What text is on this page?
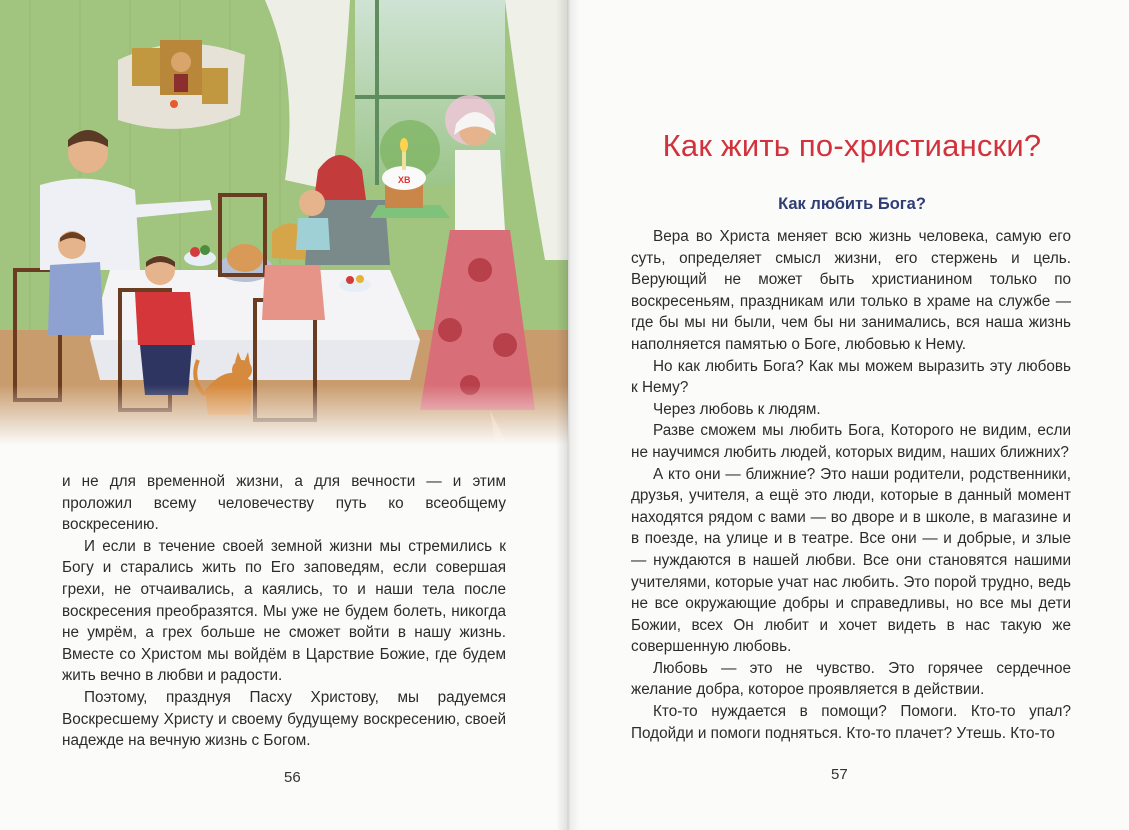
ХВ

и не для временной жизни, а для вечности — и этим проложил всему человечеству путь ко всеобщему воскресению.

И если в течение своей земной жизни мы стремились к Богу и старались жить по Его заповедям, если совершая грехи, не отчаивались, а каялись, то и наши тела после воскресения преобразятся. Мы уже не будем болеть, никогда не умрём, а грех больше не сможет войти в нашу жизнь. Вместе со Христом мы войдём в Царствие Божие, где будем жить вечно в любви и радости.

Поэтому, празднуя Пасху Христову, мы радуемся Воскресшему Христу и своему будущему воскресению, своей надежде на вечную жизнь с Богом.

56
Как жить по-христиански?
Как любить Бога?

Вера во Христа меняет всю жизнь человека, самую его суть, определяет смысл жизни, его стержень и цель. Верующий не может быть христианином только по воскресеньям, праздникам или только в храме на службе — где бы мы ни были, чем бы ни занимались, вся наша жизнь наполняется памятью о Боге, любовью к Нему.

Но как любить Бога? Как мы можем выразить эту любовь к Нему?

Через любовь к людям.

Разве сможем мы любить Бога, Которого не видим, если не научимся любить людей, которых видим, наших ближних?

А кто они — ближние? Это наши родители, родственники, друзья, учителя, а ещё это люди, которые в данный момент находятся рядом с вами — во дворе и в школе, в магазине и в поезде, на улице и в театре. Все они — и добрые, и злые — нуждаются в нашей любви. Все они становятся нашими учителями, которые учат нас любить. Это порой трудно, ведь не все окружающие добры и справедливы, но все мы дети Божии, всех Он любит и хочет видеть в нас такую же совершенную любовь.

Любовь — это не чувство. Это горячее сердечное желание добра, которое проявляется в действии.

Кто-то нуждается в помощи? Помоги. Кто-то упал? Подойди и помоги подняться. Кто-то плачет? Утешь. Кто-то

57
